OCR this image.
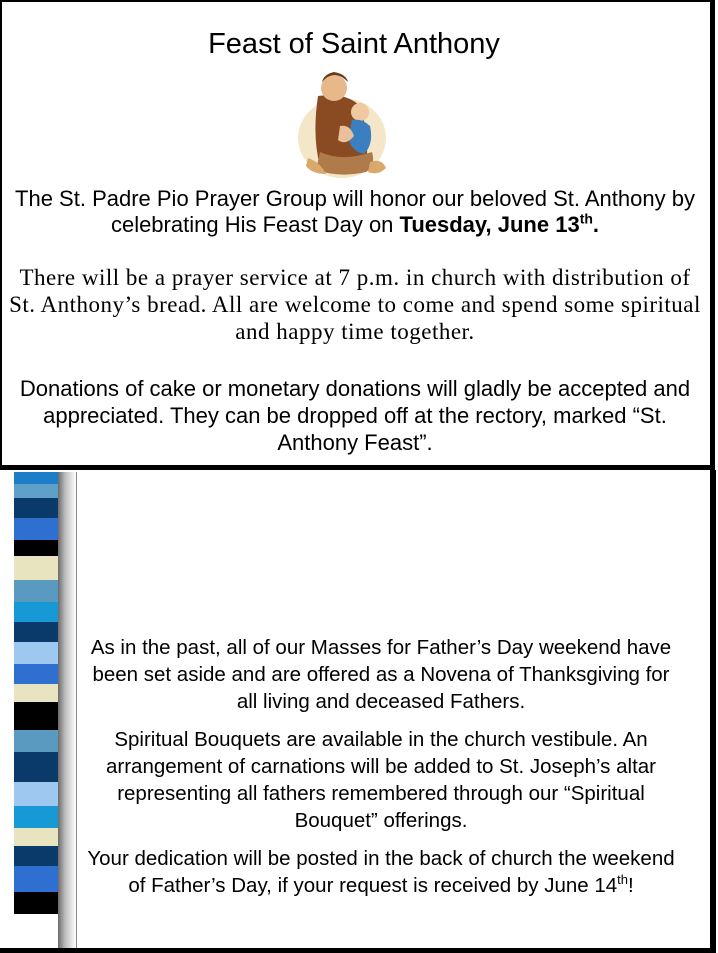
Feast of Saint Anthony
The St. Padre Pio Prayer Group will honor our beloved St. Anthony by celebrating His Feast Day on Tuesday, June 13th.
There will be a prayer service at 7 p.m. in church with distribution of St. Anthony’s bread. All are welcome to come and spend some spiritual and happy time together.
Donations of cake or monetary donations will gladly be accepted and appreciated. They can be dropped off at the rectory, marked “St. Anthony Feast”.

As in the past, all of our Masses for Father’s Day weekend have been set aside and are offered as a Novena of Thanksgiving for all living and deceased Fathers.

Spiritual Bouquets are available in the church vestibule. An arrangement of carnations will be added to St. Joseph’s altar representing all fathers remembered through our “Spiritual Bouquet” offerings.

Your dedication will be posted in the back of church the weekend of Father’s Day, if your request is received by June 14th!
